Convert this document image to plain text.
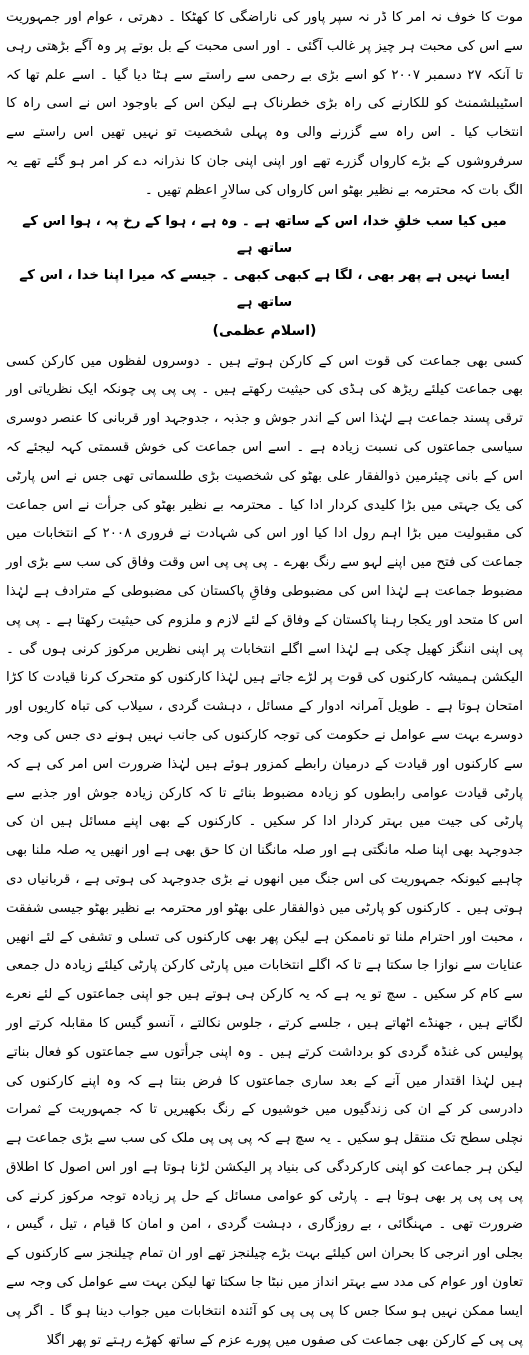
موت کا خوف نہ امر کا ڈر نہ سپر پاور کی ناراضگی کا کھٹکا ۔ دھرتی ، عوام اور جمہوریت سے اس کی محبت ہر چیز پر غالب آگئی ۔ اور اسی محبت کے بل بوتے پر وہ آگے بڑھتی رہی تا آنکہ ۲۷ دسمبر ۲۰۰۷ کو اسے بڑی بے رحمی سے راستے سے ہٹا دیا گیا ۔ اسے علم تھا کہ اسٹیبلشمنٹ کو للکارنے کی راہ بڑی خطرناک ہے لیکن اس کے باوجود اس نے اسی راہ کا انتخاب کیا ۔ اس راہ سے گزرنے والی وہ پہلی شخصیت تو نہیں تھیں اس راستے سے سرفروشوں کے بڑے کارواں گزرے تھے اور اپنی اپنی جان کا نذرانہ دے کر امر ہو گئے تھے یہ الگ بات کہ محترمہ بے نظیر بھٹو اس کارواں کی سالارِ اعظم تھیں ۔

میں کیا سب خلقِ خدا، اس کے ساتھ ہے ۔ وہ ہے ، ہوا کے رخ پہ ، ہوا اس کے ساتھ ہے
ایسا نہیں ہے پھر بھی ، لگا ہے کبھی کبھی ۔ جیسے کہ میرا اپنا خدا ، اس کے ساتھ ہے
(اسلام عظمی)

کسی بھی جماعت کی قوت اس کے کارکن ہوتے ہیں ۔ دوسروں لفظوں میں کارکن کسی بھی جماعت کیلئے ریڑھ کی ہڈی کی حیثیت رکھتے ہیں ۔ پی پی پی چونکہ ایک نظریاتی اور ترقی پسند جماعت ہے لہٰذا اس کے اندر جوش و جذبہ ، جدوجہد اور قربانی کا عنصر دوسری سیاسی جماعتوں کی نسبت زیادہ ہے ۔ اسے اس جماعت کی خوش قسمتی کہہ لیجئے کہ اس کے بانی چیئرمین ذوالفقار علی بھٹو کی شخصیت بڑی طلسماتی تھی جس نے اس پارٹی کی یک جہتی میں بڑا کلیدی کردار ادا کیا ۔ محترمہ بے نظیر بھٹو کی جرأت نے اس جماعت کی مقبولیت میں بڑا اہم رول ادا کیا اور اس کی شہادت نے فروری ۲۰۰۸ کے انتخابات میں جماعت کی فتح میں اپنے لہو سے رنگ بھرے ۔ پی پی پی اس وقت وفاق کی سب سے بڑی اور مضبوط جماعت ہے لہٰذا اس کی مضبوطی وفاقِ پاکستان کی مضبوطی کے مترادف ہے لہٰذا اس کا متحد اور یکجا رہنا پاکستان کے وفاق کے لئے لازم و ملزوم کی حیثیت رکھتا ہے ۔ پی پی پی اپنی اننگز کھیل چکی ہے لہٰذا اسے اگلے انتخابات پر اپنی نظریں مرکوز کرنی ہوں گی ۔ الیکشن ہمیشہ کارکنوں کی قوت پر لڑے جاتے ہیں لہٰذا کارکنوں کو متحرک کرنا قیادت کا کڑا امتحان ہوتا ہے ۔ طویل آمرانہ ادوار کے مسائل ، دہشت گردی ، سیلاب کی تباہ کاریوں اور دوسرے بہت سے عوامل نے حکومت کی توجہ کارکنوں کی جانب نہیں ہونے دی جس کی وجہ سے کارکنوں اور قیادت کے درمیان رابطے کمزور ہوئے ہیں لہٰذا ضرورت اس امر کی ہے کہ پارٹی قیادت عوامی رابطوں کو زیادہ مضبوط بنائے تا کہ کارکن زیادہ جوش اور جذبے سے پارٹی کی جیت میں بہتر کردار ادا کر سکیں ۔ کارکنوں کے بھی اپنے مسائل ہیں ان کی جدوجہد بھی اپنا صلہ مانگتی ہے اور صلہ مانگنا ان کا حق بھی ہے اور انھیں یہ صلہ ملنا بھی چاہیے کیونکہ جمہوریت کی اس جنگ میں انھوں نے بڑی جدوجہد کی ہوتی ہے ، قربانیاں دی ہوتی ہیں ۔ کارکنوں کو پارٹی میں ذوالفقار علی بھٹو اور محترمہ بے نظیر بھٹو جیسی شفقت ، محبت اور احترام ملنا تو ناممکن ہے لیکن پھر بھی کارکنوں کی تسلی و تشفی کے لئے انھیں عنایات سے نوازا جا سکتا ہے تا کہ اگلے انتخابات میں پارٹی کارکن پارٹی کیلئے زیادہ دل جمعی سے کام کر سکیں ۔ سچ تو یہ ہے کہ یہ کارکن ہی ہوتے ہیں جو اپنی جماعتوں کے لئے نعرے لگاتے ہیں ، جھنڈے اٹھاتے ہیں ، جلسے کرتے ، جلوس نکالتے ، آنسو گیس کا مقابلہ کرتے اور پولیس کی غنڈہ گردی کو برداشت کرتے ہیں ۔ وہ اپنی جرأتوں سے جماعتوں کو فعال بناتے ہیں لہٰذا اقتدار میں آنے کے بعد ساری جماعتوں کا فرض بنتا ہے کہ وہ اپنے کارکنوں کی دادرسی کر کے ان کی زندگیوں میں خوشیوں کے رنگ بکھیریں تا کہ جمہوریت کے ثمرات نچلی سطح تک منتقل ہو سکیں ۔ یہ سچ ہے کہ پی پی پی ملک کی سب سے بڑی جماعت ہے لیکن ہر جماعت کو اپنی کارکردگی کی بنیاد پر الیکشن لڑنا ہوتا ہے اور اس اصول کا اطلاق پی پی پی پر بھی ہوتا ہے ۔ پارٹی کو عوامی مسائل کے حل پر زیادہ توجہ مرکوز کرنے کی ضرورت تھی ۔ مہنگائی ، بے روزگاری ، دہشت گردی ، امن و امان کا قیام ، تیل ، گیس ، بجلی اور انرجی کا بحران اس کیلئے بہت بڑے چیلنجز تھے اور ان تمام چیلنجز سے کارکنوں کے تعاون اور عوام کی مدد سے بہتر انداز میں نبٹا جا سکتا تھا لیکن بہت سے عوامل کی وجہ سے ایسا ممکن نہیں ہو سکا جس کا پی پی پی کو آئندہ انتخابات میں جواب دینا ہو گا ۔ اگر پی پی پی کے کارکن بھی جماعت کی صفوں میں پورے عزم کے ساتھ کھڑے رہتے تو پھر اگلا
